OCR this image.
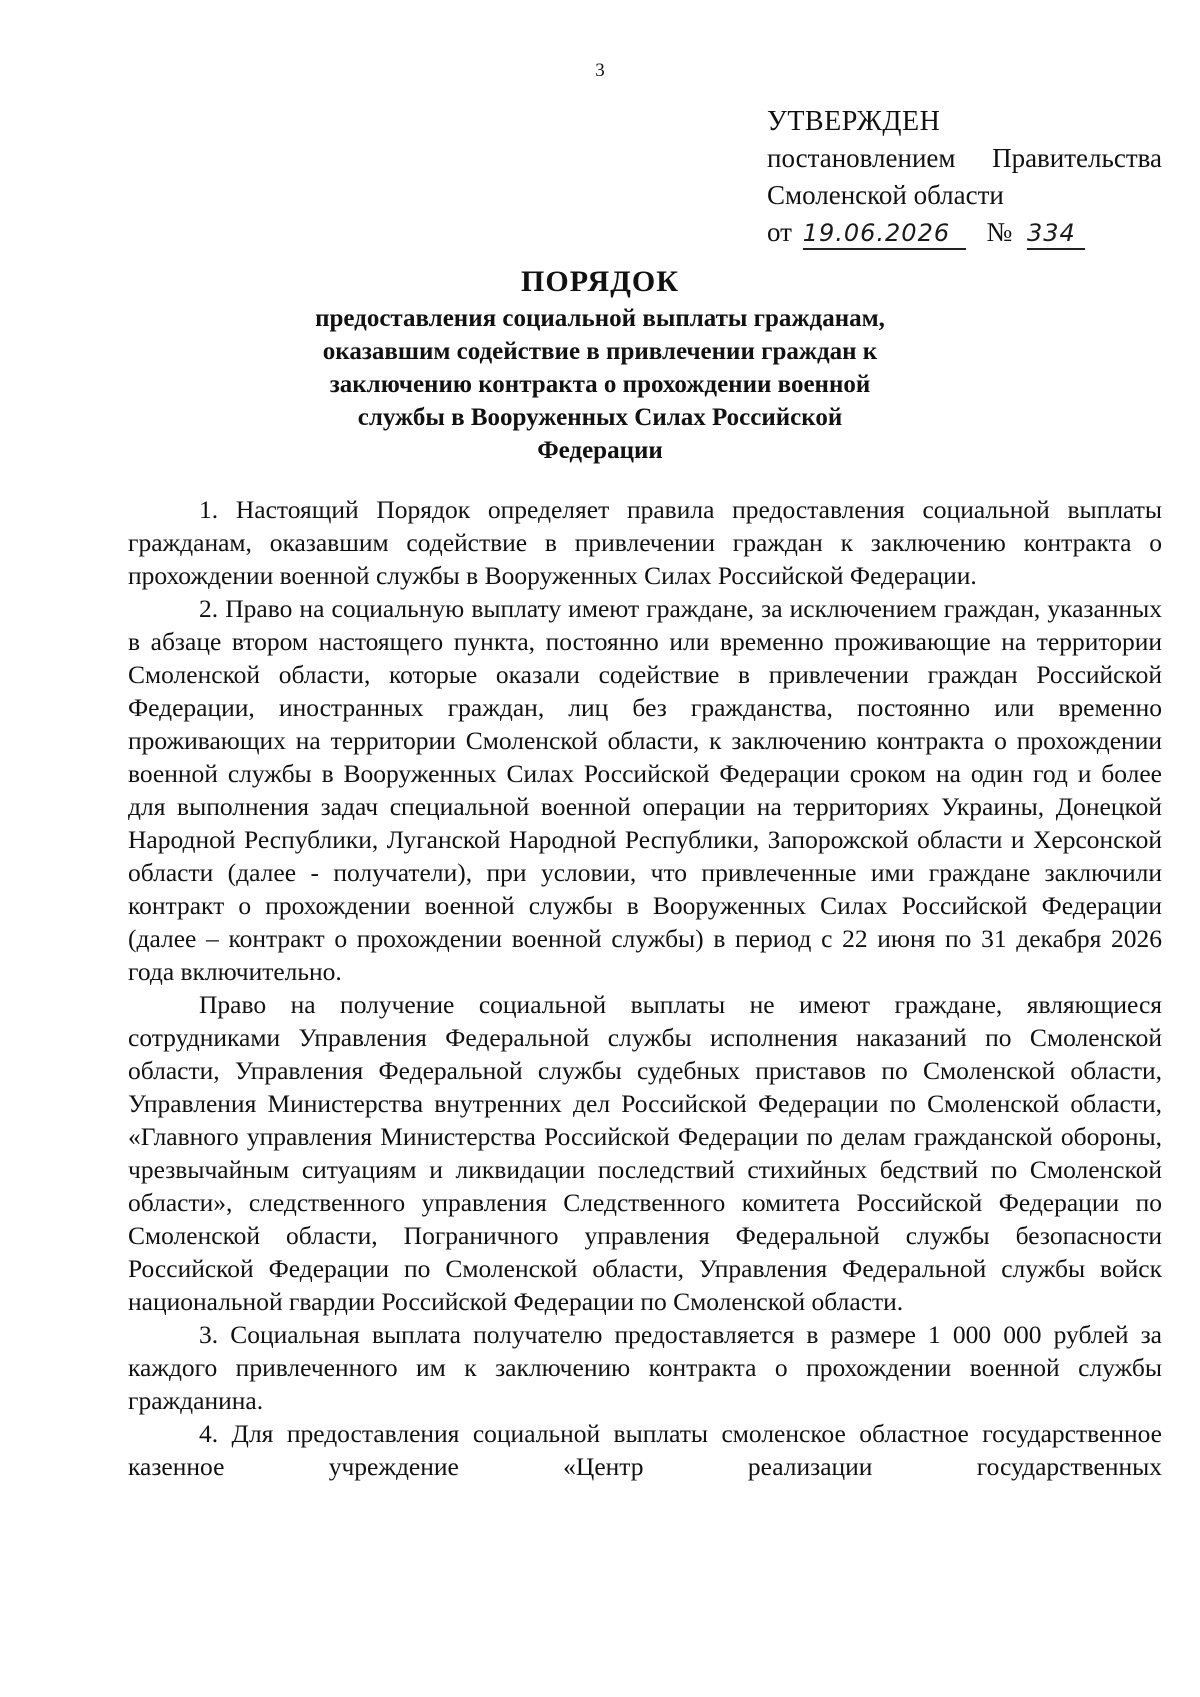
3
УТВЕРЖДЕН
постановлением Правительства
Смоленской области
от 19.06.2026 № 334
ПОРЯДОК
предоставления социальной выплаты гражданам,
оказавшим содействие в привлечении граждан к
заключению контракта о прохождении военной
службы в Вооруженных Силах Российской
Федерации

1. Настоящий Порядок определяет правила предоставления социальной выплаты гражданам, оказавшим содействие в привлечении граждан к заключению контракта о прохождении военной службы в Вооруженных Силах Российской Федерации.

2. Право на социальную выплату имеют граждане, за исключением граждан, указанных в абзаце втором настоящего пункта, постоянно или временно проживающие на территории Смоленской области, которые оказали содействие в привлечении граждан Российской Федерации, иностранных граждан, лиц без гражданства, постоянно или временно проживающих на территории Смоленской области, к заключению контракта о прохождении военной службы в Вооруженных Силах Российской Федерации сроком на один год и более для выполнения задач специальной военной операции на территориях Украины, Донецкой Народной Республики, Луганской Народной Республики, Запорожской области и Херсонской области (далее - получатели), при условии, что привлеченные ими граждане заключили контракт о прохождении военной службы в Вооруженных Силах Российской Федерации (далее – контракт о прохождении военной службы) в период с 22 июня по 31 декабря 2026 года включительно.

Право на получение социальной выплаты не имеют граждане, являющиеся сотрудниками Управления Федеральной службы исполнения наказаний по Смоленской области, Управления Федеральной службы судебных приставов по Смоленской области, Управления Министерства внутренних дел Российской Федерации по Смоленской области, «Главного управления Министерства Российской Федерации по делам гражданской обороны, чрезвычайным ситуациям и ликвидации последствий стихийных бедствий по Смоленской области», следственного управления Следственного комитета Российской Федерации по Смоленской области, Пограничного управления Федеральной службы безопасности Российской Федерации по Смоленской области, Управления Федеральной службы войск национальной гвардии Российской Федерации по Смоленской области.

3. Социальная выплата получателю предоставляется в размере 1 000 000 рублей за каждого привлеченного им к заключению контракта о прохождении военной службы гражданина.

4. Для предоставления социальной выплаты смоленское областное государственное казенное учреждение «Центр реализации государственных
